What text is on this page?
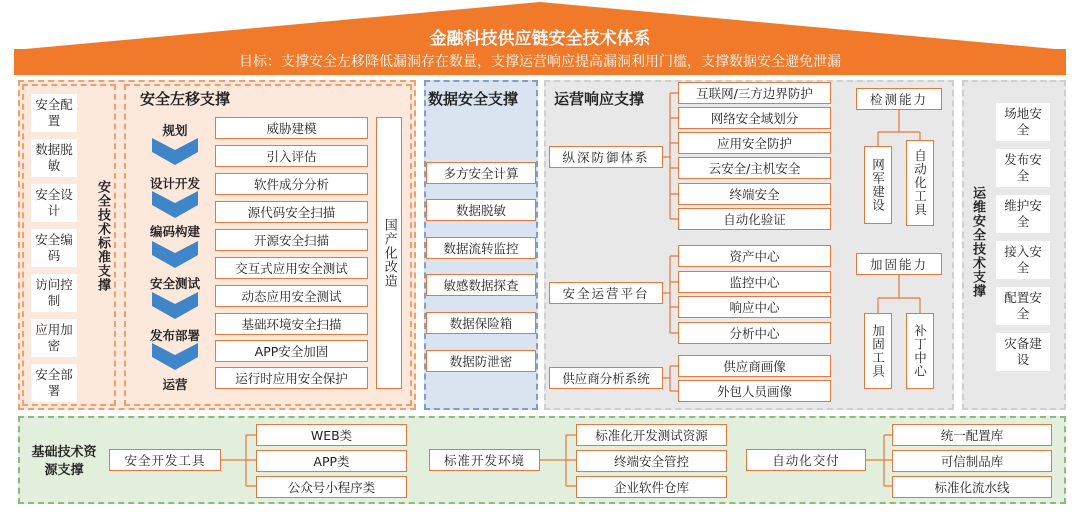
金融科技供应链安全技术体系
目标：支撑安全左移降低漏洞存在数量，支撑运营响应提高漏洞利用门槛，支撑数据安全避免泄漏
安全配置
数据脱敏
安全设计
安全编码
访问控制
应用加密
安全部署
安全技术标准支撑
安全左移支撑
规划
设计开发
编码构建
安全测试
发布部署
运营
威胁建模
引入评估
软件成分分析
源代码安全扫描
开源安全扫描
交互式应用安全测试
动态应用安全测试
基础环境安全扫描
APP安全加固
运行时应用安全保护
国产化改造
数据安全支撑
多方安全计算
数据脱敏
数据流转监控
敏感数据探查
数据保险箱
数据防泄密
运营响应支撑
纵深防御体系
安全运营平台
供应商分析系统
互联网/三方边界防护
网络安全域划分
应用安全防护
云安全/主机安全
终端安全
自动化验证
资产中心
监控中心
响应中心
分析中心
供应商画像
外包人员画像
检测能力
网军建设	自动化工具
加固能力
加固工具	补丁中心
运维安全技术支撑
场地安全
发布安全
维护安全
接入安全
配置安全
灾备建设
基础技术资源支撑
安全开发工具
WEB类
APP类
公众号小程序类
标准开发环境
标准化开发测试资源
终端安全管控
企业软件仓库
自动化交付
统一配置库
可信制品库
标准化流水线
